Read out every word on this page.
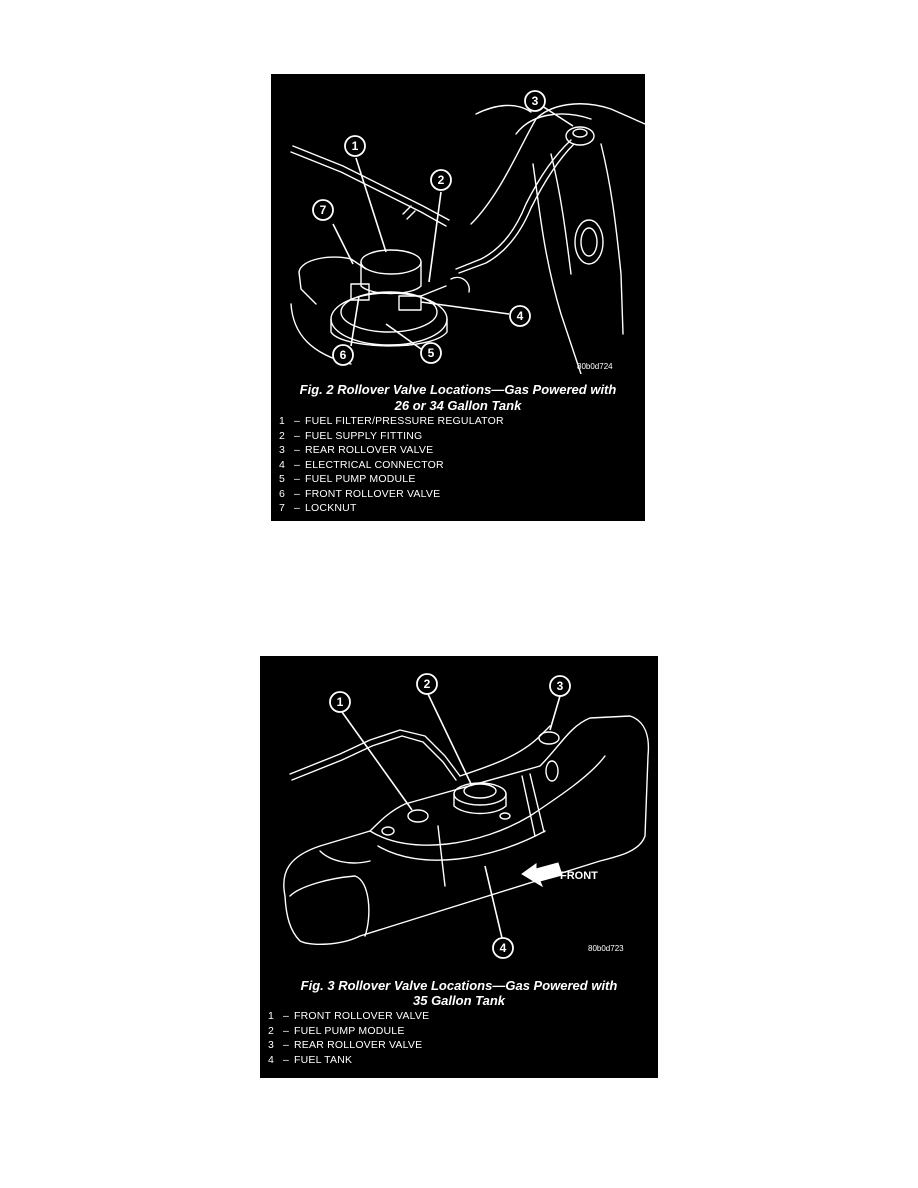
1
2
3
4
5
6
7
80b0d724
Fig. 2 Rollover Valve Locations—Gas Powered with
26 or 34 Gallon Tank
1 – FUEL FILTER/PRESSURE REGULATOR
2 – FUEL SUPPLY FITTING
3 – REAR ROLLOVER VALVE
4 – ELECTRICAL CONNECTOR
5 – FUEL PUMP MODULE
6 – FRONT ROLLOVER VALVE
7 – LOCKNUT
1
2	3
4
FRONT
80b0d723
Fig. 3 Rollover Valve Locations—Gas Powered with
35 Gallon Tank
1 – FRONT ROLLOVER VALVE
2 – FUEL PUMP MODULE
3 – REAR ROLLOVER VALVE
4 – FUEL TANK
